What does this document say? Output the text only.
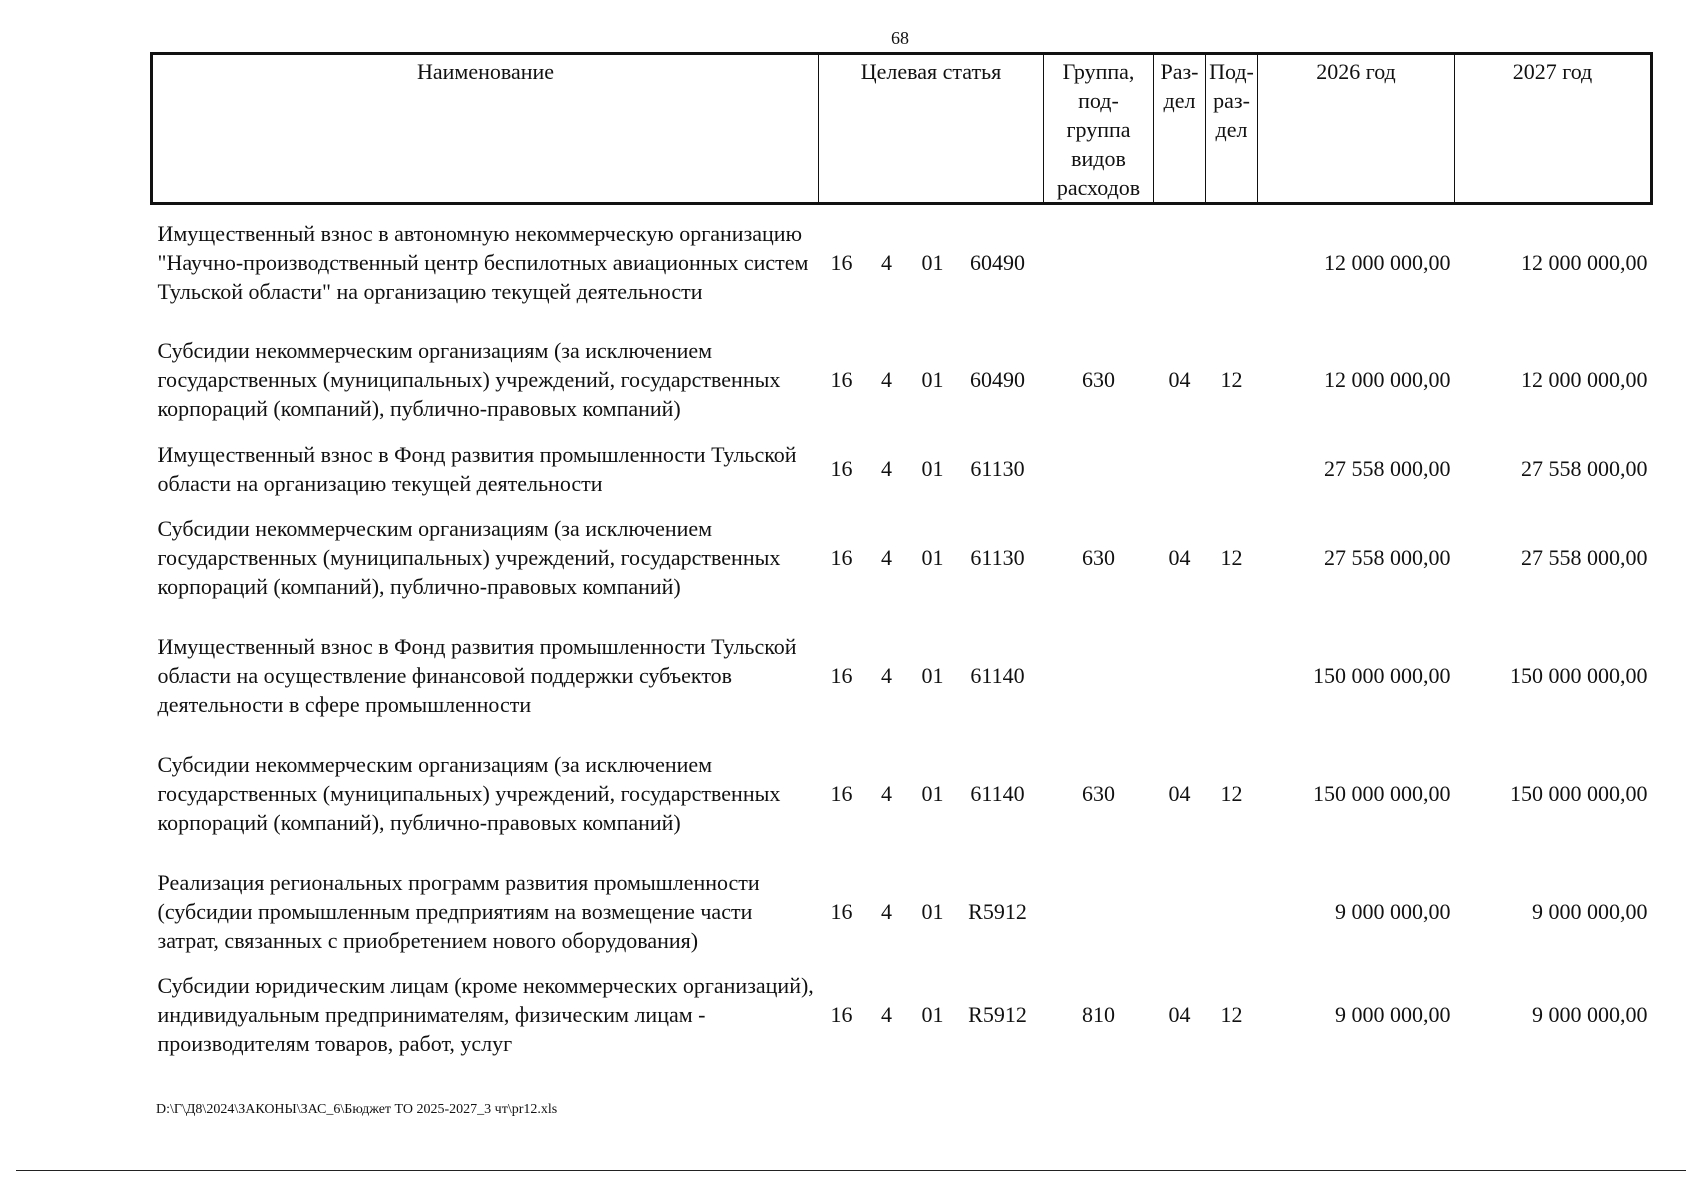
68
Наименование	Целевая статья	Группа, под- группа видов расходов	Раз- дел	Под- раз- дел	2026 год	2027 год
Имущественный взнос в автономную некоммерческую организацию "Научно-производственный центр беспилотных авиационных систем Тульской области" на организацию текущей деятельности	16 4 01 60490				12 000 000,00	12 000 000,00
Субсидии некоммерческим организациям (за исключением государственных (муниципальных) учреждений, государственных корпораций (компаний), публично-правовых компаний)	16 4 01 60490	630	04	12	12 000 000,00	12 000 000,00
Имущественный взнос в Фонд развития промышленности Тульской области на организацию текущей деятельности	16 4 01 61130				27 558 000,00	27 558 000,00
Субсидии некоммерческим организациям (за исключением государственных (муниципальных) учреждений, государственных корпораций (компаний), публично-правовых компаний)	16 4 01 61130	630	04	12	27 558 000,00	27 558 000,00
Имущественный взнос в Фонд развития промышленности Тульской области на осуществление финансовой поддержки субъектов деятельности в сфере промышленности	16 4 01 61140				150 000 000,00	150 000 000,00
Субсидии некоммерческим организациям (за исключением государственных (муниципальных) учреждений, государственных корпораций (компаний), публично-правовых компаний)	16 4 01 61140	630	04	12	150 000 000,00	150 000 000,00
Реализация региональных программ развития промышленности (субсидии промышленным предприятиям на возмещение части затрат, связанных с приобретением нового оборудования)	16 4 01 R5912				9 000 000,00	9 000 000,00
Субсидии юридическим лицам (кроме некоммерческих организаций), индивидуальным предпринимателям, физическим лицам - производителям товаров, работ, услуг	16 4 01 R5912	810	04	12	9 000 000,00	9 000 000,00
D:\Г\Д8\2024\ЗАКОНЫ\ЗАС_6\Бюджет ТО 2025-2027_3 чт\pr12.xls
